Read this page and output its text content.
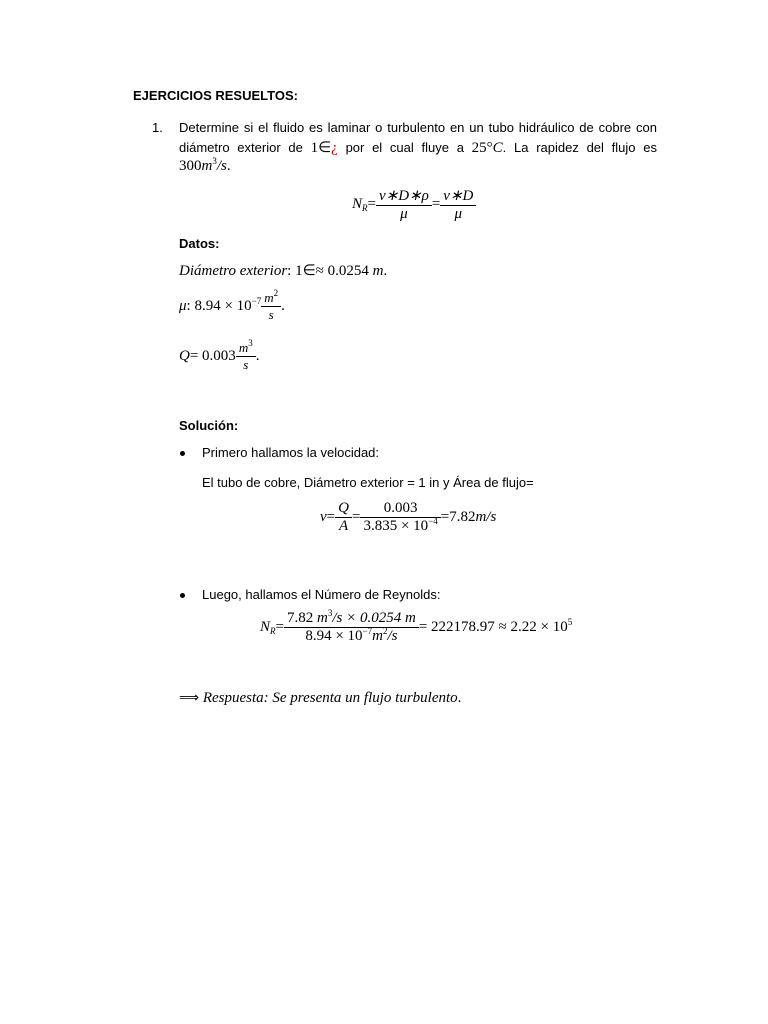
EJERCICIOS RESUELTOS:
1. Determine si el fluido es laminar o turbulento en un tubo hidráulico de cobre con
diámetro exterior de 1∈¿ por el cual fluye a 25°C. La rapidez del flujo es
$300m^3/s$.
$N_R= \frac{v∗D∗\rho}{\mu} = \frac{v∗D}{\mu}$
Datos:
Diámetro exterior: 1∈≈ 0.0254 m.
μ: $8.94 \times 10^{-7} \frac{m^2}{s}$ .
$Q= 0.003 \frac{m^3}{s}$ .
Solución:
Primero hallamos la velocidad:
El tubo de cobre, Diámetro exterior = 1 in y Área de flujo=
$v= \frac{Q}{A} = \frac{0.003}{3.835 \times 10^{-4}} =7.82m/s$
Luego, hallamos el Número de Reynolds:
$N_R= \frac{7.82 m^3/s \times 0.0254 m}{8.94 \times 10^{-7}m^2/s} = 222178.97 \approx 2.22 \times 10^5$
⟹ Respuesta: Se presenta un flujo turbulento.
